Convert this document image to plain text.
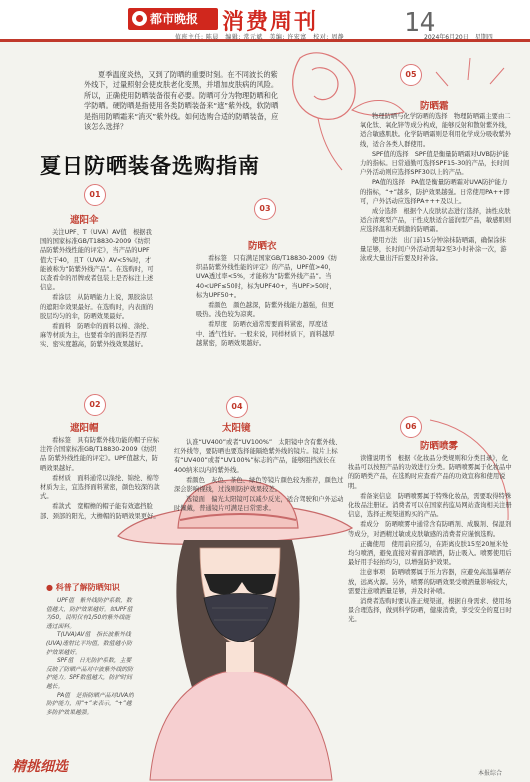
都市晚报	消费周刊	14
值班主任: 陈晨　编辑: 常元斌　美编: 许宏富　校对: 周静	2024年6月20日　星期四
夏季温度炎热，又到了防晒的重要时刻。在不同波长的紫外线下，过量照射会使皮肤老化变黑，并增加皮肤病的风险。所以，正确使用防晒装备很有必要。防晒可分为物理防晒和化学防晒。硬防晒是指使用各类防晒装备来“遮”紫外线，软防晒是指用防晒霜来“消灭”紫外线。如何选购合适的防晒装备，应该怎么选择？
夏日防晒装备选购指南
01
遮阳伞

关注UPF、T（UVA）AV值　根据我国的国家标准GB/T18830-2009《纺织品防紫外线性能的评定》，当产品的UPF值大于40，且T（UVA）AV<5%时，才能被称为“防紫外线产品”。在选购时，可以查看伞的吊牌或者包装上是否标注上述信息。

看涂层　从防晒能力上说，黑胶涂层的遮阳伞效果最好。在选购时，内表面的胶层均匀的伞，防晒效果最好。

看面料　防晒伞的面料以棉、涤纶、麻等材质为主，也要看伞的面料是否厚实、密实度越高，防紫外线效果越好。

02
遮阳帽

看标签　具有防紫外线功能的帽子应标注符合国家标准GB/T18830-2009《纺织品 防紫外线性能的评定》。UPF值越大，防晒效果越好。

看材质　面料通常以涤纶、锦纶、棉等材质为主，宜选择面料紧密，颜色较深的款式。

看款式　宽帽檐的帽子能有效遮挡脸部、颈部的阳光，大檐帽的防晒效果更好。

03
防晒衣

看标签　只有满足国家GB/T18830-2009《纺织品防紫外线性能的评定》的产品，UPF值>40，UVA透过率<5%，才能称为“防紫外线产品”。当40<UPF≤50时，标为UPF40+，当UPF>50时，标为UPF50+。

看颜色　颜色越深，防紫外线能力越强，但更吸热。浅色较为凉爽。

看厚度　防晒衣通常需要面料紧密，厚度适中、透气性好。一般来说，同样材质下，面料越厚越紧密，防晒效果越好。

04
太阳镜

认准“UV400”或者“UV100%”　太阳镜中含有紫外线、红外线等，要防晒也要选择能隔绝紫外线的镜片。镜片上标有“UV400”或者“UV100%”标志的产品，能够阻挡波长在400纳米以内的紫外线。

看颜色　灰色、茶色、绿色等镜片颜色较为推荐，颜色过深会影响视线，过浅则防护效果较差。

选镜面　偏光太阳镜可以减少反光，适合驾驶和户外运动时佩戴，普通镜片可满足日常需求。

05
防晒霜

物理防晒与化学防晒的选择　物理防晒霜主要由二氧化钛、氧化锌等成分构成，能够反射和散射紫外线，适合敏感肌肤。化学防晒霜则是利用化学成分吸收紫外线，适合各类人群使用。

SPF值的选择　SPF值是衡量防晒霜对UVB防护能力的指标。日常通勤可选择SPF15-30的产品，长时间户外活动则应选择SPF30以上的产品。

PA值的选择　PA值是衡量防晒霜对UVA防护能力的指标，“+”越多，防护效果越强。日常使用PA++即可，户外活动应选择PA+++及以上。

成分选择　根据个人皮肤状态进行选择，油性皮肤适合清爽型产品，干性皮肤适合滋润型产品，敏感肌则应选择温和无刺激的防晒霜。

使用方法　出门前15分钟涂抹防晒霜，确保涂抹量足够，长时间户外活动需每2至3小时补涂一次，游泳或大量出汗后要及时补涂。

06
防晒喷雾

读懂说明书　根据《化妆品分类规则和分类目录》，化妆品可以按照产品的功效进行分类。防晒喷雾属于化妆品中的防晒类产品，在选购时应查看产品的功效宣称和使用说明。

看备案信息　防晒喷雾属于特殊化妆品，需要取得特殊化妆品注册证。消费者可以在国家药监局网站查询相关注册信息，选择正规渠道购买的产品。

看成分　防晒喷雾中通常含有防晒剂、成膜剂、保湿剂等成分，对酒精过敏或皮肤敏感的消费者应谨慎选购。

正确使用　使用前应摇匀，在距离皮肤15至20厘米处均匀喷洒，避免直接对着面部喷洒，防止吸入。喷雾使用后最好用手轻拍均匀，以增强防护效果。

注意事项　防晒喷雾属于压力容器，应避免高温暴晒存放，远离火源。另外，喷雾的防晒效果受喷洒量影响较大，需要注意喷洒量足够，并及时补喷。

消费者选购时要认准正规渠道，根据自身需求、使用场景合理选择，做到科学防晒，健康消费，享受安全的夏日时光。

● 科普了解防晒知识

UPF值　紫外线防护系数，数值越大，防护效果越好。如UPF值为50，说明仅有1/50的紫外线能透过面料。

T(UVA)AV值　指长波紫外线(UVA)透射比平均值，数值越小防护效果越好。

SPF值　日光防护系数，主要反映了防晒产品对中波紫外线的防护能力。SPF数值越大，防护时间越长。

PA值　是指防晒产品对UVA的防护能力，用“+”来表示，“+”越多防护效果越强。

精挑细选	本报综合
